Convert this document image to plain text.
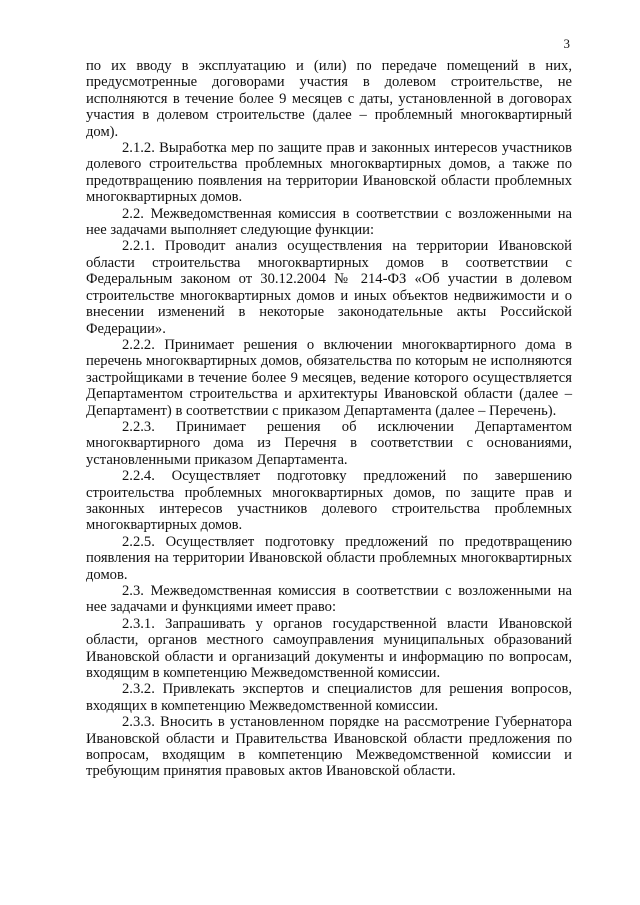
3

по их вводу в эксплуатацию и (или) по передаче помещений в них, предусмотренные договорами участия в долевом строительстве, не исполняются в течение более 9 месяцев с даты, установленной в договорах участия в долевом строительстве (далее – проблемный многоквартирный дом).

2.1.2. Выработка мер по защите прав и законных интересов участников долевого строительства проблемных многоквартирных домов, а также по предотвращению появления на территории Ивановской области проблемных многоквартирных домов.

2.2. Межведомственная комиссия в соответствии с возложенными на нее задачами выполняет следующие функции:

2.2.1. Проводит анализ осуществления на территории Ивановской области строительства многоквартирных домов в соответствии с Федеральным законом от 30.12.2004 № 214-ФЗ «Об участии в долевом строительстве многоквартирных домов и иных объектов недвижимости и о внесении изменений в некоторые законодательные акты Российской Федерации».

2.2.2. Принимает решения о включении многоквартирного дома в перечень многоквартирных домов, обязательства по которым не исполняются застройщиками в течение более 9 месяцев, ведение которого осуществляется Департаментом строительства и архитектуры Ивановской области (далее – Департамент) в соответствии с приказом Департамента (далее – Перечень).

2.2.3. Принимает решения об исключении Департаментом многоквартирного дома из Перечня в соответствии с основаниями, установленными приказом Департамента.

2.2.4. Осуществляет подготовку предложений по завершению строительства проблемных многоквартирных домов, по защите прав и законных интересов участников долевого строительства проблемных многоквартирных домов.

2.2.5. Осуществляет подготовку предложений по предотвращению появления на территории Ивановской области проблемных многоквартирных домов.

2.3. Межведомственная комиссия в соответствии с возложенными на нее задачами и функциями имеет право:

2.3.1. Запрашивать у органов государственной власти Ивановской области, органов местного самоуправления муниципальных образований Ивановской области и организаций документы и информацию по вопросам, входящим в компетенцию Межведомственной комиссии.

2.3.2. Привлекать экспертов и специалистов для решения вопросов, входящих в компетенцию Межведомственной комиссии.

2.3.3. Вносить в установленном порядке на рассмотрение Губернатора Ивановской области и Правительства Ивановской области предложения по вопросам, входящим в компетенцию Межведомственной комиссии и требующим принятия правовых актов Ивановской области.
